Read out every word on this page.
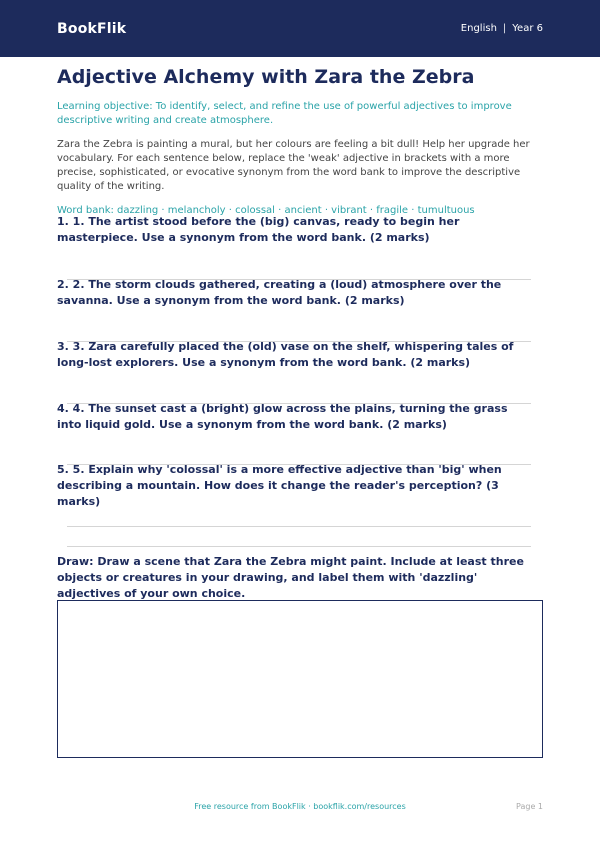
BookFlik	English | Year 6
Adjective Alchemy with Zara the Zebra

Learning objective: To identify, select, and refine the use of powerful adjectives to improve descriptive writing and create atmosphere.

Zara the Zebra is painting a mural, but her colours are feeling a bit dull! Help her upgrade her vocabulary. For each sentence below, replace the 'weak' adjective in brackets with a more precise, sophisticated, or evocative synonym from the word bank to improve the descriptive quality of the writing.

Word bank: dazzling · melancholy · colossal · ancient · vibrant · fragile · tumultuous

1. 1. The artist stood before the (big) canvas, ready to begin her masterpiece. Use a synonym from the word bank. (2 marks)
2. 2. The storm clouds gathered, creating a (loud) atmosphere over the savanna. Use a synonym from the word bank. (2 marks)
3. 3. Zara carefully placed the (old) vase on the shelf, whispering tales of long-lost explorers. Use a synonym from the word bank. (2 marks)
4. 4. The sunset cast a (bright) glow across the plains, turning the grass into liquid gold. Use a synonym from the word bank. (2 marks)
5. 5. Explain why 'colossal' is a more effective adjective than 'big' when describing a mountain. How does it change the reader's perception? (3 marks)
Draw: Draw a scene that Zara the Zebra might paint. Include at least three objects or creatures in your drawing, and label them with 'dazzling' adjectives of your own choice.
Free resource from BookFlik · bookflik.com/resources	Page 1
